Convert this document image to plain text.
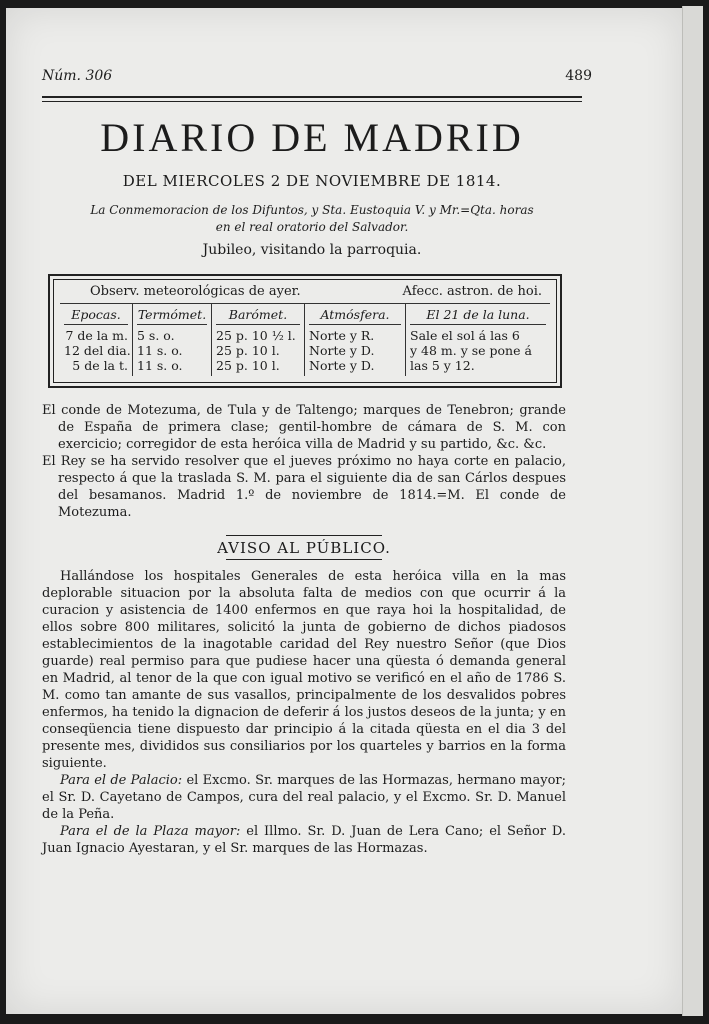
Núm. 306	489
DIARIO DE MADRID
DEL MIERCOLES 2 DE NOVIEMBRE DE 1814.
La Conmemoracion de los Difuntos, y Sta. Eustoquia V. y Mr.=Qta. horas
en el real oratorio del Salvador.
Jubileo, visitando la parroquia.
Observ. meteorológicas de ayer.	Afecc. astron. de hoi.
Epocas.
7 de la m.
12 del dia.
5 de la t.
Termómet.
5 s. o.
11 s. o.
11 s. o.
Barómet.
25 p. 10 ½ l.
25 p. 10 l.
25 p. 10 l.
Atmósfera.
Norte y R.
Norte y D.
Norte y D.
El 21 de la luna.
Sale el sol á las 6
y 48 m. y se pone á
las 5 y 12.

El conde de Motezuma, de Tula y de Taltengo; marques de Tenebron; grande de España de primera clase; gentil-hombre de cámara de S. M. con exercicio; corregidor de esta heróica villa de Madrid y su partido, &c. &c.

El Rey se ha servido resolver que el jueves próximo no haya corte en palacio, respecto á que la traslada S. M. para el siguiente dia de san Cárlos despues del besamanos. Madrid 1.º de noviembre de 1814.=M. El conde de Motezuma.

AVISO AL PÚBLICO.

Hallándose los hospitales Generales de esta heróica villa en la mas deplorable situacion por la absoluta falta de medios con que ocurrir á la curacion y asistencia de 1400 enfermos en que raya hoi la hospitalidad, de ellos sobre 800 militares, solicitó la junta de gobierno de dichos piadosos establecimientos de la inagotable caridad del Rey nuestro Señor (que Dios guarde) real permiso para que pudiese hacer una qüesta ó demanda general en Madrid, al tenor de la que con igual motivo se verificó en el año de 1786 S. M. como tan amante de sus vasallos, principalmente de los desvalidos pobres enfermos, ha tenido la dignacion de deferir á los justos deseos de la junta; y en conseqüencia tiene dispuesto dar principio á la citada qüesta en el dia 3 del presente mes, divididos sus consiliarios por los quarteles y barrios en la forma siguiente.

Para el de Palacio: el Excmo. Sr. marques de las Hormazas, hermano mayor; el Sr. D. Cayetano de Campos, cura del real palacio, y el Excmo. Sr. D. Manuel de la Peña.

Para el de la Plaza mayor: el Illmo. Sr. D. Juan de Lera Cano; el Señor D. Juan Ignacio Ayestaran, y el Sr. marques de las Hormazas.
